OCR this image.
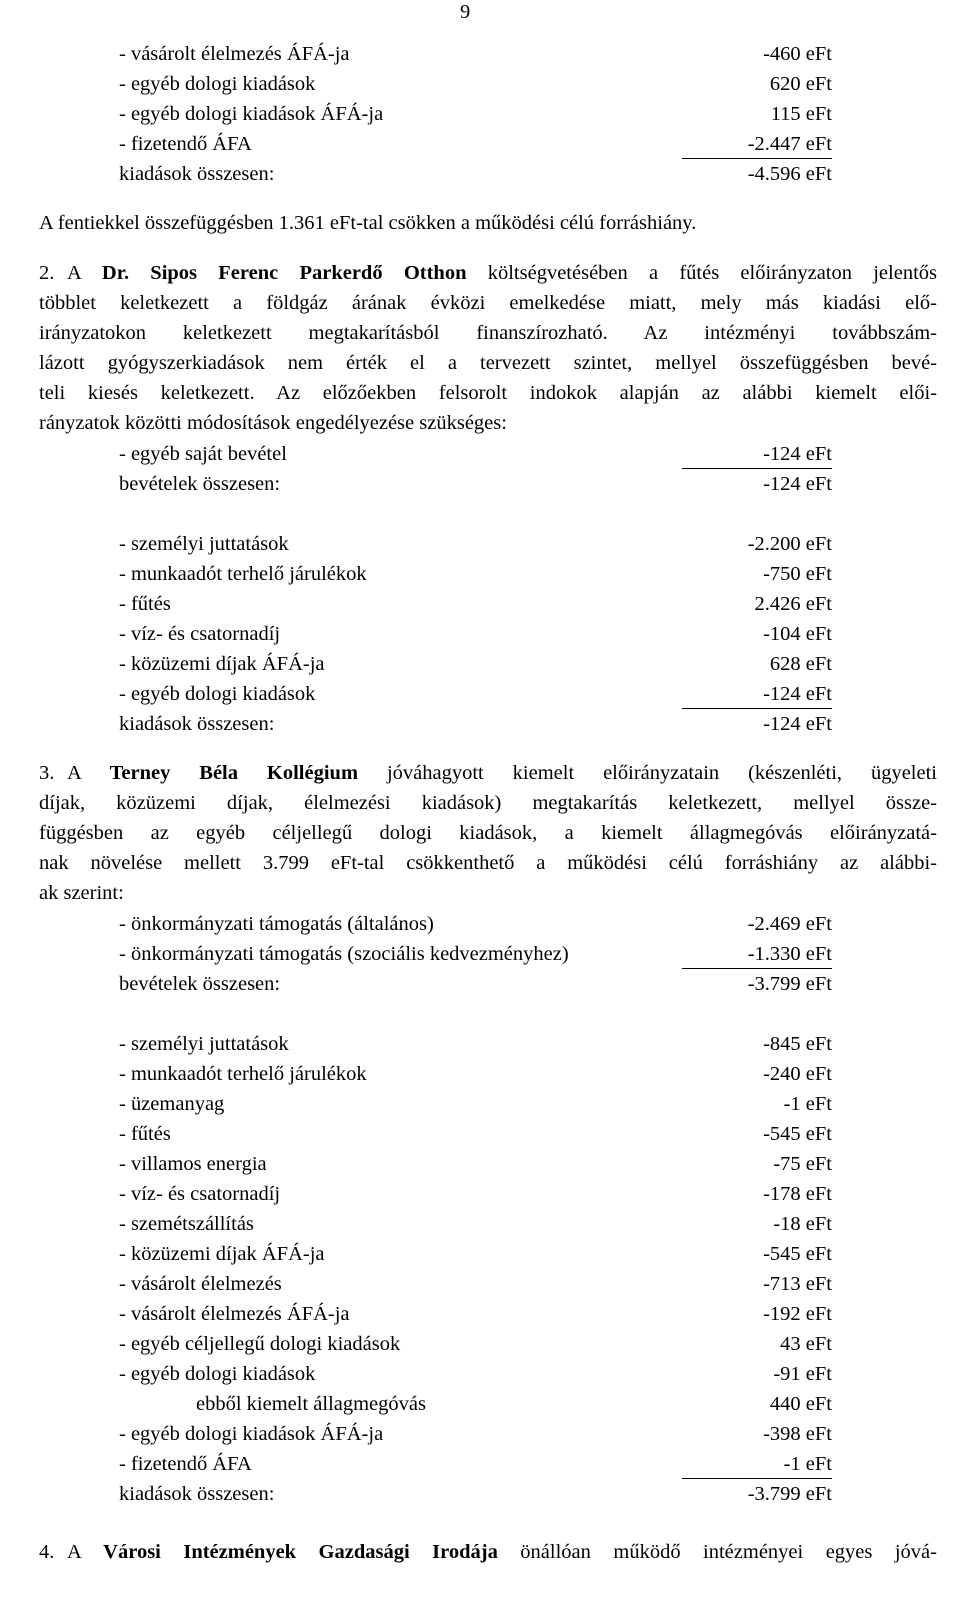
9
- vásárolt élelmezés ÁFÁ-ja	-460 eFt
- egyéb dologi kiadások	620 eFt
- egyéb dologi kiadások ÁFÁ-ja	115 eFt
- fizetendő ÁFA	-2.447 eFt
kiadások összesen:	-4.596 eFt
A fentiekkel összefüggésben 1.361 eFt-tal csökken a működési célú forráshiány.
2. A Dr. Sipos Ferenc Parkerdő Otthon költségvetésében a fűtés előirányzaton jelentős
többlet keletkezett a földgáz árának évközi emelkedése miatt, mely más kiadási elő-
irányzatokon keletkezett megtakarításból finanszírozható. Az intézményi továbbszám-
lázott gyógyszerkiadások nem érték el a tervezett szintet, mellyel összefüggésben bevé-
teli kiesés keletkezett. Az előzőekben felsorolt indokok alapján az alábbi kiemelt elői-
rányzatok közötti módosítások engedélyezése szükséges:
- egyéb saját bevétel	-124 eFt
bevételek összesen:	-124 eFt
- személyi juttatások	-2.200 eFt
- munkaadót terhelő járulékok	-750 eFt
- fűtés	2.426 eFt
- víz- és csatornadíj	-104 eFt
- közüzemi díjak ÁFÁ-ja	628 eFt
- egyéb dologi kiadások	-124 eFt
kiadások összesen:	-124 eFt
3. A Terney Béla Kollégium jóváhagyott kiemelt előirányzatain (készenléti, ügyeleti
díjak, közüzemi díjak, élelmezési kiadások) megtakarítás keletkezett, mellyel össze-
függésben az egyéb céljellegű dologi kiadások, a kiemelt állagmegóvás előirányzatá-
nak növelése mellett 3.799 eFt-tal csökkenthető a működési célú forráshiány az alábbi-
ak szerint:
- önkormányzati támogatás (általános)	-2.469 eFt
- önkormányzati támogatás (szociális kedvezményhez)	-1.330 eFt
bevételek összesen:	-3.799 eFt
- személyi juttatások	-845 eFt
- munkaadót terhelő járulékok	-240 eFt
- üzemanyag	-1 eFt
- fűtés	-545 eFt
- villamos energia	-75 eFt
- víz- és csatornadíj	-178 eFt
- szemétszállítás	-18 eFt
- közüzemi díjak ÁFÁ-ja	-545 eFt
- vásárolt élelmezés	-713 eFt
- vásárolt élelmezés ÁFÁ-ja	-192 eFt
- egyéb céljellegű dologi kiadások	43 eFt
- egyéb dologi kiadások	-91 eFt
ebből kiemelt állagmegóvás	440 eFt
- egyéb dologi kiadások ÁFÁ-ja	-398 eFt
- fizetendő ÁFA	-1 eFt
kiadások összesen:	-3.799 eFt
4. A Városi Intézmények Gazdasági Irodája önállóan működő intézményei egyes jóvá-
